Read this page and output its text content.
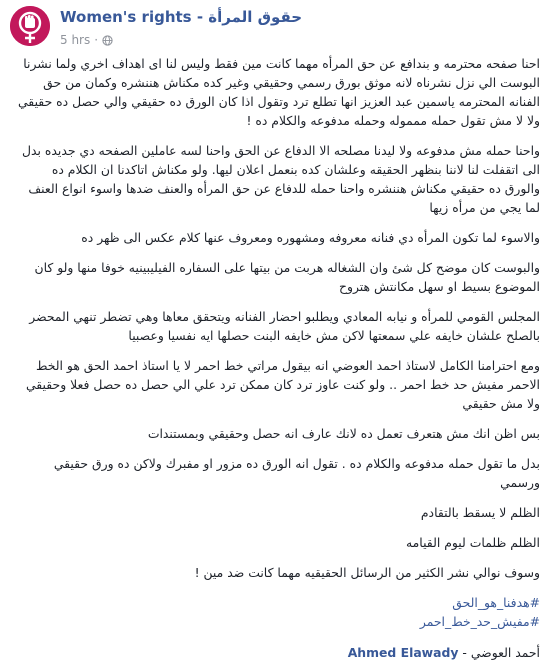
Women's rights - حقوق المرأة
5 hrs ·

احنا صفحه محترمه و بندافع عن حق المرأه مهما كانت مين فقط وليس لنا اى اهداف اخري ولما نشرنا البوست الي نزل نشرناه لانه موثق بورق رسمي وحقيقي وغير كده مكناش هننشره وكمان من حق الفنانه المحترمه ياسمين عبد العزيز انها تطلع ترد وتقول اذا كان الورق ده حقيقي والي حصل ده حقيقي ولا لا مش تقول حمله ممموله وحمله مدفوعه والكلام ده !

واحنا حمله مش مدفوعه ولا ليدنا مصلحه الا الدفاع عن الحق واحنا لسه عاملين الصفحه دي جديده بدل الى اتقفلت لنا لاننا بنظهر الحقيقه وعلشان كده بنعمل اعلان ليها. ولو مكناش اتاكدنا ان الكلام ده والورق ده حقيقي مكناش هننشره واحنا حمله للدفاع عن حق المرأه والعنف ضدها واسوء انواع العنف لما يجي من مرأه زيها

والاسوء لما تكون المرأه دي فنانه معروفه ومشهوره ومعروف عنها كلام عكس الى ظهر ده

والبوست كان موضح كل شئ وان الشغاله هربت من بيتها على السفاره الفيليبينيه خوفا منها ولو كان الموضوع بسيط او سهل مكانتش هتروح

المجلس القومي للمرأه و نيابه المعادي ويطلبو احضار الفنانه ويتحقق معاها وهي تضطر تنهي المحضر بالصلح علشان خايفه علي سمعتها لاكن مش خايفه البنت حصلها ايه نفسيا وعصبيا

ومع احترامنا الكامل لاستاذ احمد العوضي انه بيقول مراتي خط احمر لا يا استاذ احمد الحق هو الخط الاحمر مفيش حد خط احمر .. ولو كنت عاوز ترد كان ممكن ترد علي الي حصل ده حصل فعلا وحقيقي ولا مش حقيقي

بس اظن انك مش هتعرف تعمل ده لانك عارف انه حصل وحقيقي وبمستندات

بدل ما تقول حمله مدفوعه والكلام ده . تقول انه الورق ده مزور او مفبرك ولاكن ده ورق حقيقي ورسمي

الظلم لا يسقط بالتقادم

الظلم ظلمات ليوم القيامه

وسوف نوالي نشر الكثير من الرسائل الحقيقيه مهما كانت ضد مين !

#هدفنا_هو_الحق
#مفيش_حد_خط_احمر
أحمد العوضي - Ahmed Elawady
